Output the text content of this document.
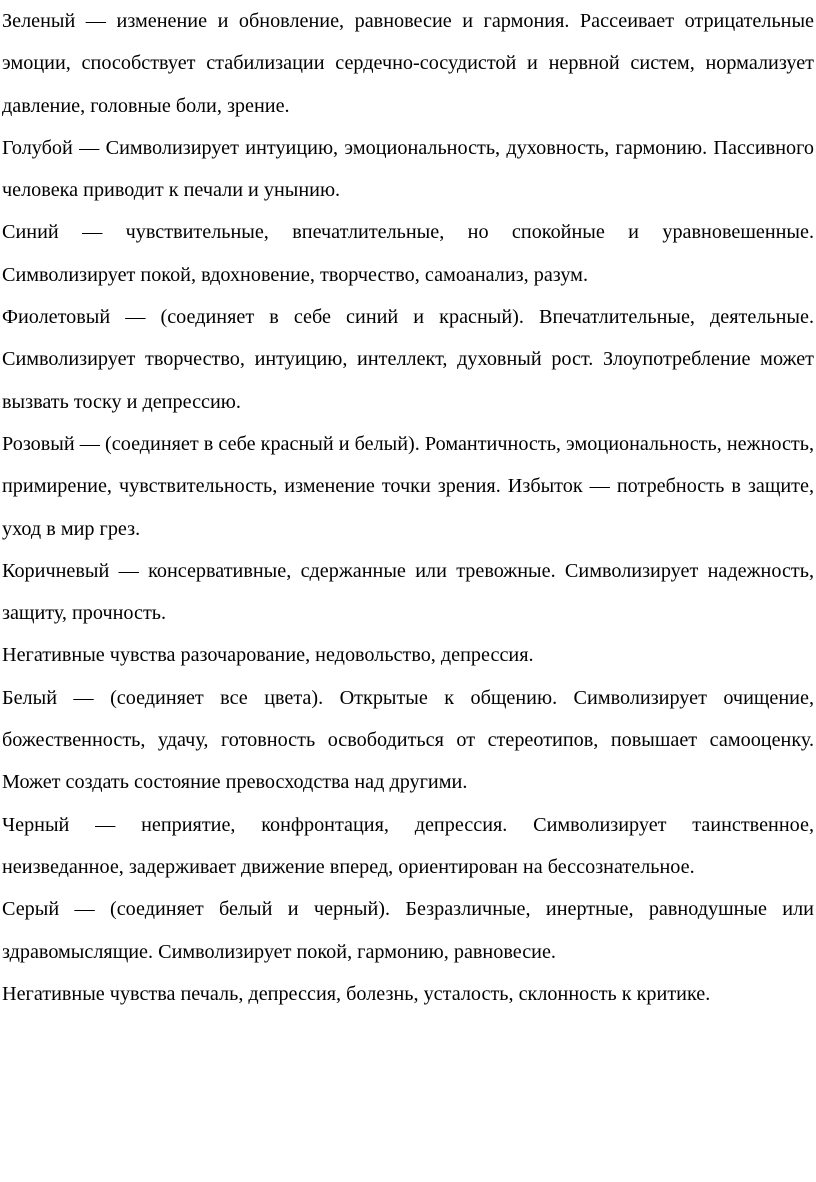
Зеленый — изменение и обновление, равновесие и гармония. Рассеивает отрицательные эмоции, способствует стабилизации сердечно-сосудистой и нервной систем, нормализует давление, головные боли, зрение.

Голубой — Символизирует интуицию, эмоциональность, духовность, гармонию. Пассивного человека приводит к печали и унынию.

Синий — чувствительные, впечатлительные, но спокойные и уравновешенные. Символизирует покой, вдохновение, творчество, самоанализ, разум.

Фиолетовый — (соединяет в себе синий и красный). Впечатлительные, деятельные. Символизирует творчество, интуицию, интеллект, духовный рост. Злоупотребление может вызвать тоску и депрессию.

Розовый — (соединяет в себе красный и белый). Романтичность, эмоциональность, нежность, примирение, чувствительность, изменение точки зрения. Избыток — потребность в защите, уход в мир грез.

Коричневый — консервативные, сдержанные или тревожные. Символизирует надежность, защиту, прочность.

Негативные чувства разочарование, недовольство, депрессия.

Белый — (соединяет все цвета). Открытые к общению. Символизирует очищение, божественность, удачу, готовность освободиться от стереотипов, повышает самооценку. Может создать состояние превосходства над другими.

Черный — неприятие, конфронтация, депрессия. Символизирует таинственное, неизведанное, задерживает движение вперед, ориентирован на бессознательное.

Серый — (соединяет белый и черный). Безразличные, инертные, равнодушные или здравомыслящие. Символизирует покой, гармонию, равновесие.

Негативные чувства печаль, депрессия, болезнь, усталость, склонность к критике.
